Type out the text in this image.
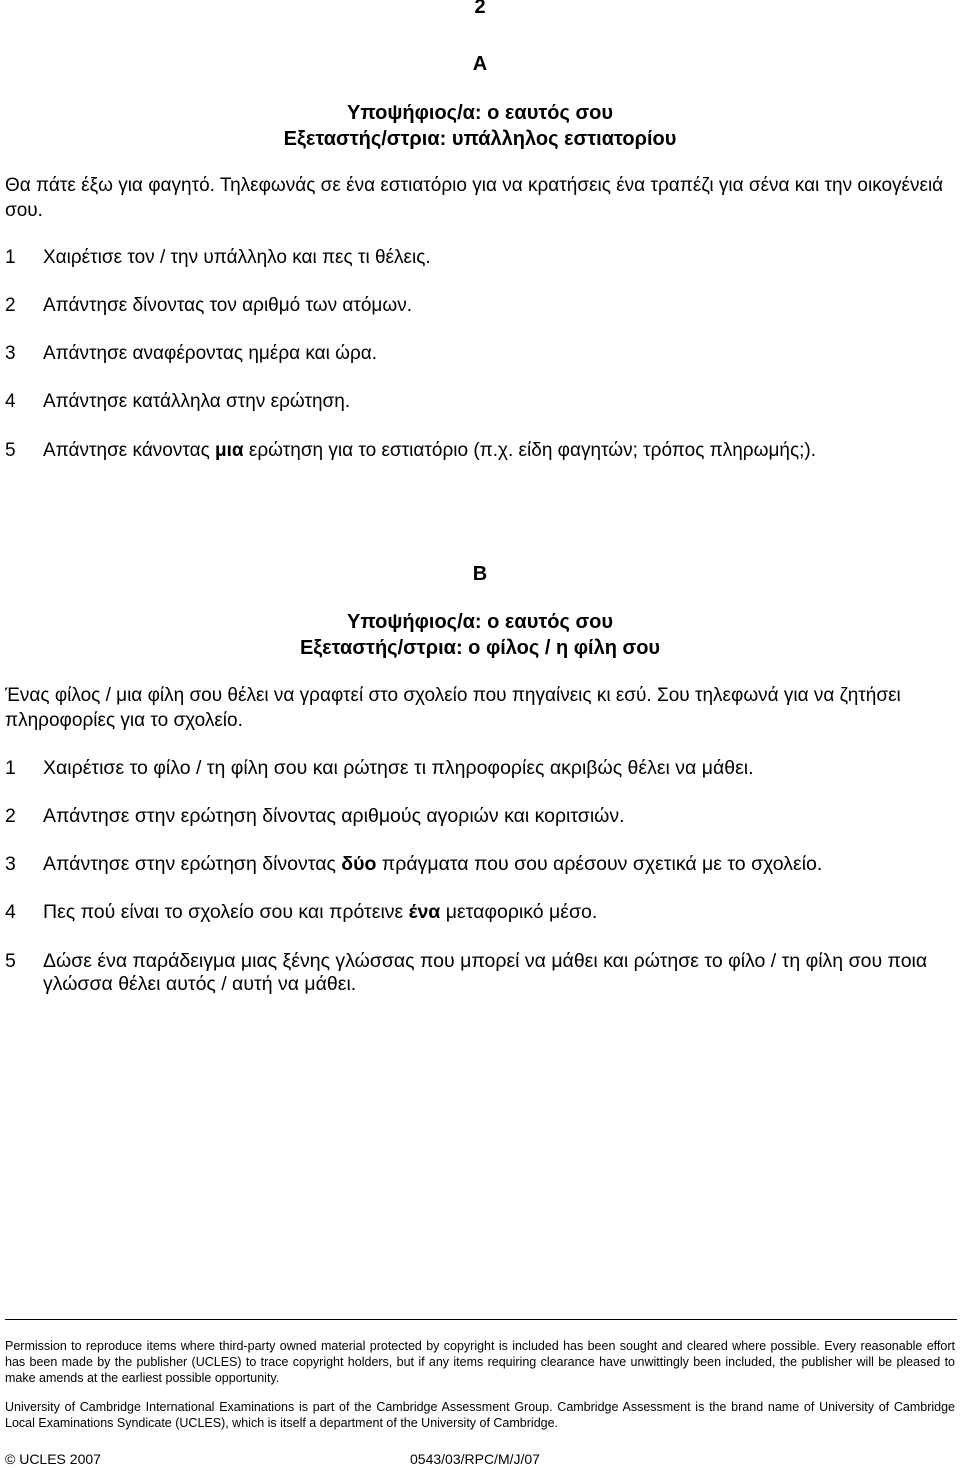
2
A
Υποψήφιος/α: ο εαυτός σου
Εξεταστής/στρια: υπάλληλος εστιατορίου
Θα πάτε έξω για φαγητό. Τηλεφωνάς σε ένα εστιατόριο για να κρατήσεις ένα τραπέζι για σένα και την οικογένειά σου.
1 Χαιρέτισε τον / την υπάλληλο και πες τι θέλεις.
2 Απάντησε δίνοντας τον αριθμό των ατόμων.
3 Απάντησε αναφέροντας ημέρα και ώρα.
4 Απάντησε κατάλληλα στην ερώτηση.
5 Απάντησε κάνοντας μια ερώτηση για το εστιατόριο (π.χ. είδη φαγητών; τρόπος πληρωμής;).
B
Υποψήφιος/α: ο εαυτός σου
Εξεταστής/στρια: ο φίλος / η φίλη σου
Ένας φίλος / μια φίλη σου θέλει να γραφτεί στο σχολείο που πηγαίνεις κι εσύ. Σου τηλεφωνά για να ζητήσει πληροφορίες για το σχολείο.
1 Χαιρέτισε το φίλο / τη φίλη σου και ρώτησε τι πληροφορίες ακριβώς θέλει να μάθει.
2 Απάντησε στην ερώτηση δίνοντας αριθμούς αγοριών και κοριτσιών.
3 Απάντησε στην ερώτηση δίνοντας δύο πράγματα που σου αρέσουν σχετικά με το σχολείο.
4 Πες πού είναι το σχολείο σου και πρότεινε ένα μεταφορικό μέσο.
5 Δώσε ένα παράδειγμα μιας ξένης γλώσσας που μπορεί να μάθει και ρώτησε το φίλο / τη φίλη σου ποια γλώσσα θέλει αυτός / αυτή να μάθει.
Permission to reproduce items where third-party owned material protected by copyright is included has been sought and cleared where possible. Every reasonable effort has been made by the publisher (UCLES) to trace copyright holders, but if any items requiring clearance have unwittingly been included, the publisher will be pleased to make amends at the earliest possible opportunity.
University of Cambridge International Examinations is part of the Cambridge Assessment Group. Cambridge Assessment is the brand name of University of Cambridge Local Examinations Syndicate (UCLES), which is itself a department of the University of Cambridge.
© UCLES 2007	0543/03/RPC/M/J/07
